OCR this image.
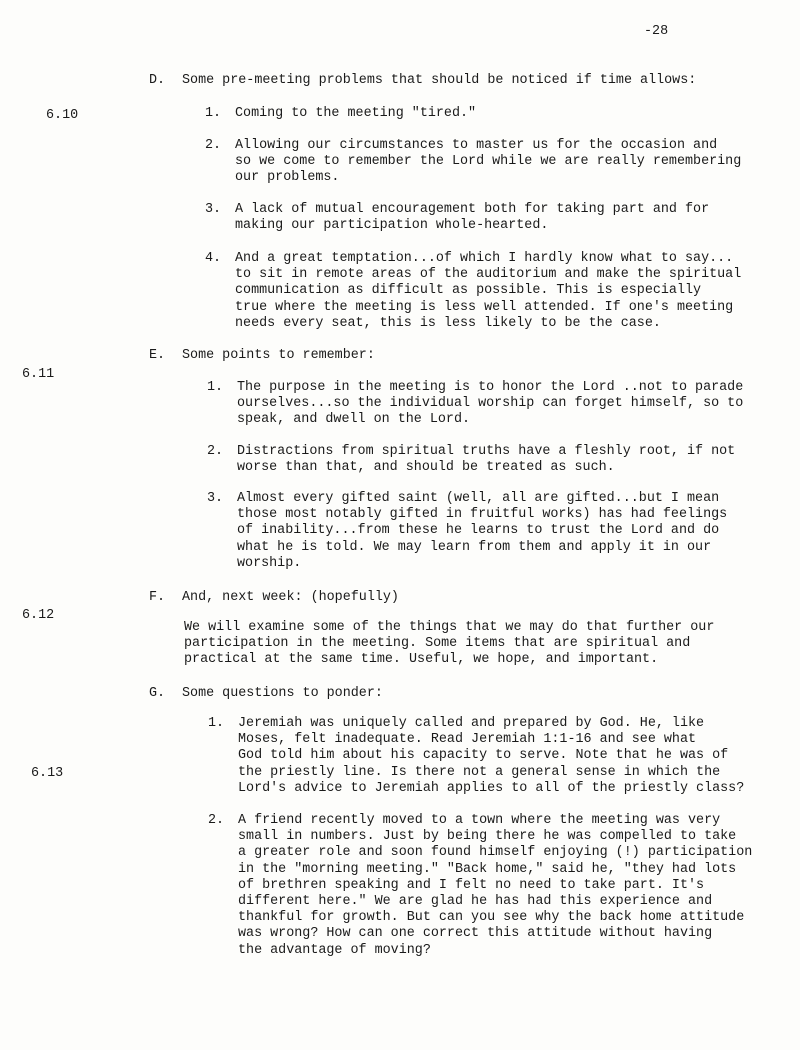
-28
6.10
6.11
6.12
6.13
D. Some pre-meeting problems that should be noticed if time allows:
1.	Coming to the meeting "tired."
2.	Allowing our circumstances to master us for the occasion and
so we come to remember the Lord while we are really remembering
our problems.
3.	A lack of mutual encouragement both for taking part and for
making our participation whole-hearted.
4.	And a great temptation...of which I hardly know what to say...
to sit in remote areas of the auditorium and make the spiritual
communication as difficult as possible. This is especially
true where the meeting is less well attended. If one's meeting
needs every seat, this is less likely to be the case.
E. Some points to remember:
1.	The purpose in the meeting is to honor the Lord ..not to parade
ourselves...so the individual worship can forget himself, so to
speak, and dwell on the Lord.
2.	Distractions from spiritual truths have a fleshly root, if not
worse than that, and should be treated as such.
3.	Almost every gifted saint (well, all are gifted...but I mean
those most notably gifted in fruitful works) has had feelings
of inability...from these he learns to trust the Lord and do
what he is told. We may learn from them and apply it in our
worship.
F. And, next week: (hopefully)
We will examine some of the things that we may do that further our
participation in the meeting. Some items that are spiritual and
practical at the same time. Useful, we hope, and important.
G. Some questions to ponder:
1.	Jeremiah was uniquely called and prepared by God. He, like
Moses, felt inadequate. Read Jeremiah 1:1-16 and see what
God told him about his capacity to serve. Note that he was of
the priestly line. Is there not a general sense in which the
Lord's advice to Jeremiah applies to all of the priestly class?
2.	A friend recently moved to a town where the meeting was very
small in numbers. Just by being there he was compelled to take
a greater role and soon found himself enjoying (!) participation
in the "morning meeting." "Back home," said he, "they had lots
of brethren speaking and I felt no need to take part. It's
different here." We are glad he has had this experience and
thankful for growth. But can you see why the back home attitude
was wrong? How can one correct this attitude without having
the advantage of moving?
